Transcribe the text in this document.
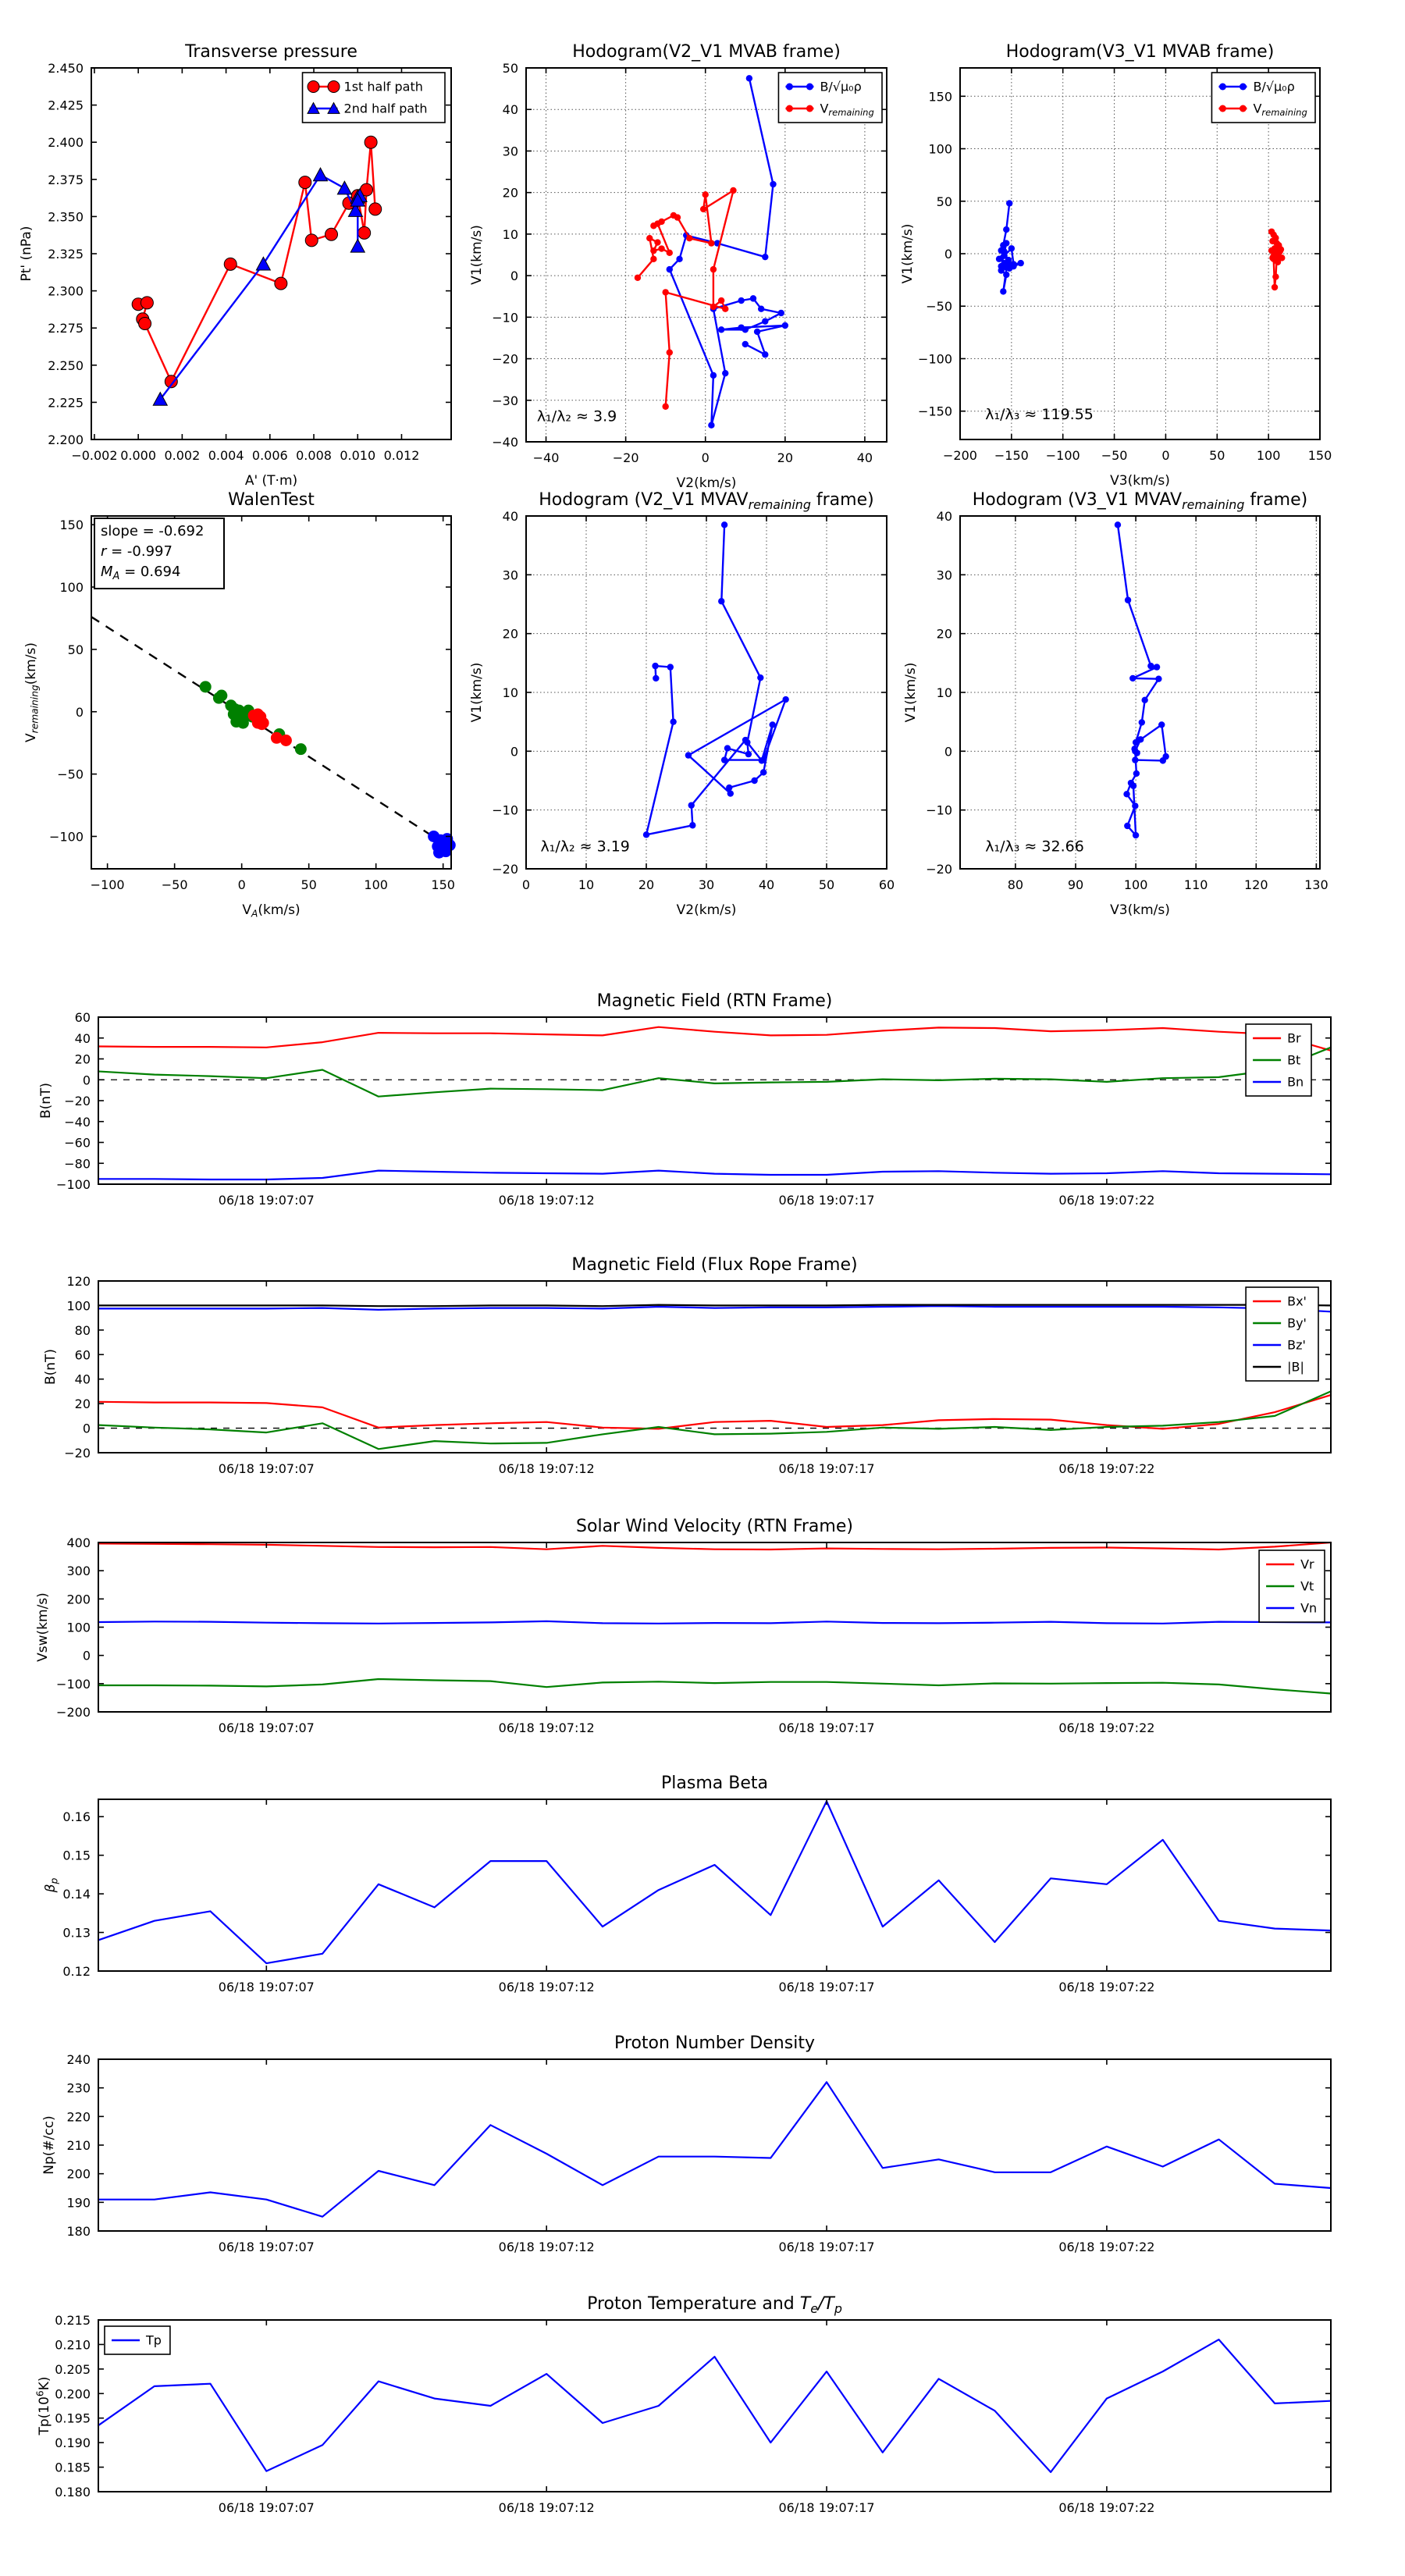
−0.002 0.000 0.002 0.004 0.006 0.008 0.010 0.012
2.200
2.225
2.250
2.275
2.300
2.325
2.350
2.375
2.400
2.425
2.450
Transverse pressure
A' (T·m)
Pt' (nPa)
1st half path
2nd half path
−40	−20	0	20	40
−40
−30
−20
−10
0
10
20
30
40
50
Hodogram(V2_V1 MVAB frame)
V2(km/s)
V1(km/s)
λ₁/λ₂ ≈ 3.9
B/√μ₀ρ
$V_{remaining}$
−200 −150 −100 −50	0	50	100 150
−150
−100
−50
0
50
100
150
Hodogram(V3_V1 MVAB frame)
V3(km/s)
V1(km/s)
λ₁/λ₃ ≈ 119.55
B/√μ₀ρ
$V_{remaining}$
−100	−50	0	50	100	150
−100
−50
0
50
100
150
WalenTest
$V_A(km/s)$
$V_{remaining}(km/s)$
slope = -0.692
r = -0.997
$M_A = 0.694$
0	10	20	30	40	50	60
−20
−10
0
10
20
30
40
Hodogram (V2_V1 $MVAV_{remaining}$ frame)
V2(km/s)
V1(km/s)
λ₁/λ₂ ≈ 3.19
80	90	100	110	120	130
−20
−10
0
10
20
30
40
Hodogram (V3_V1 $MVAV_{remaining}$ frame)
V3(km/s)
V1(km/s)
λ₁/λ₃ ≈ 32.66
06/18 19:07:07	06/18 19:07:12	06/18 19:07:17	06/18 19:07:22
−100
−80
−60
−40
−20
0
20
40
60
Magnetic Field (RTN Frame)
B(nT)
Br
Bt
Bn
06/18 19:07:07	06/18 19:07:12	06/18 19:07:17	06/18 19:07:22
−20
0
20
40
60
80
100
120
Magnetic Field (Flux Rope Frame)
B(nT)
Bx'
By'
Bz'
|B|
06/18 19:07:07	06/18 19:07:12	06/18 19:07:17	06/18 19:07:22
−200
−100
0
100
200
300
400
Solar Wind Velocity (RTN Frame)
Vsw(km/s)
Vr
Vt
Vn
06/18 19:07:07	06/18 19:07:12	06/18 19:07:17	06/18 19:07:22
0.12
0.13
0.14
0.15
0.16
Plasma Beta
$\beta_p$
06/18 19:07:07	06/18 19:07:12	06/18 19:07:17	06/18 19:07:22
180
190
200
210
220
230
240
Proton Number Density
Np(#/cc)
06/18 19:07:07	06/18 19:07:12	06/18 19:07:17	06/18 19:07:22
0.180
0.185
0.190
0.195
0.200
0.205
0.210
0.215
Proton Temperature and $T_e/T_p$
$Tp(10^6K)$
Tp
